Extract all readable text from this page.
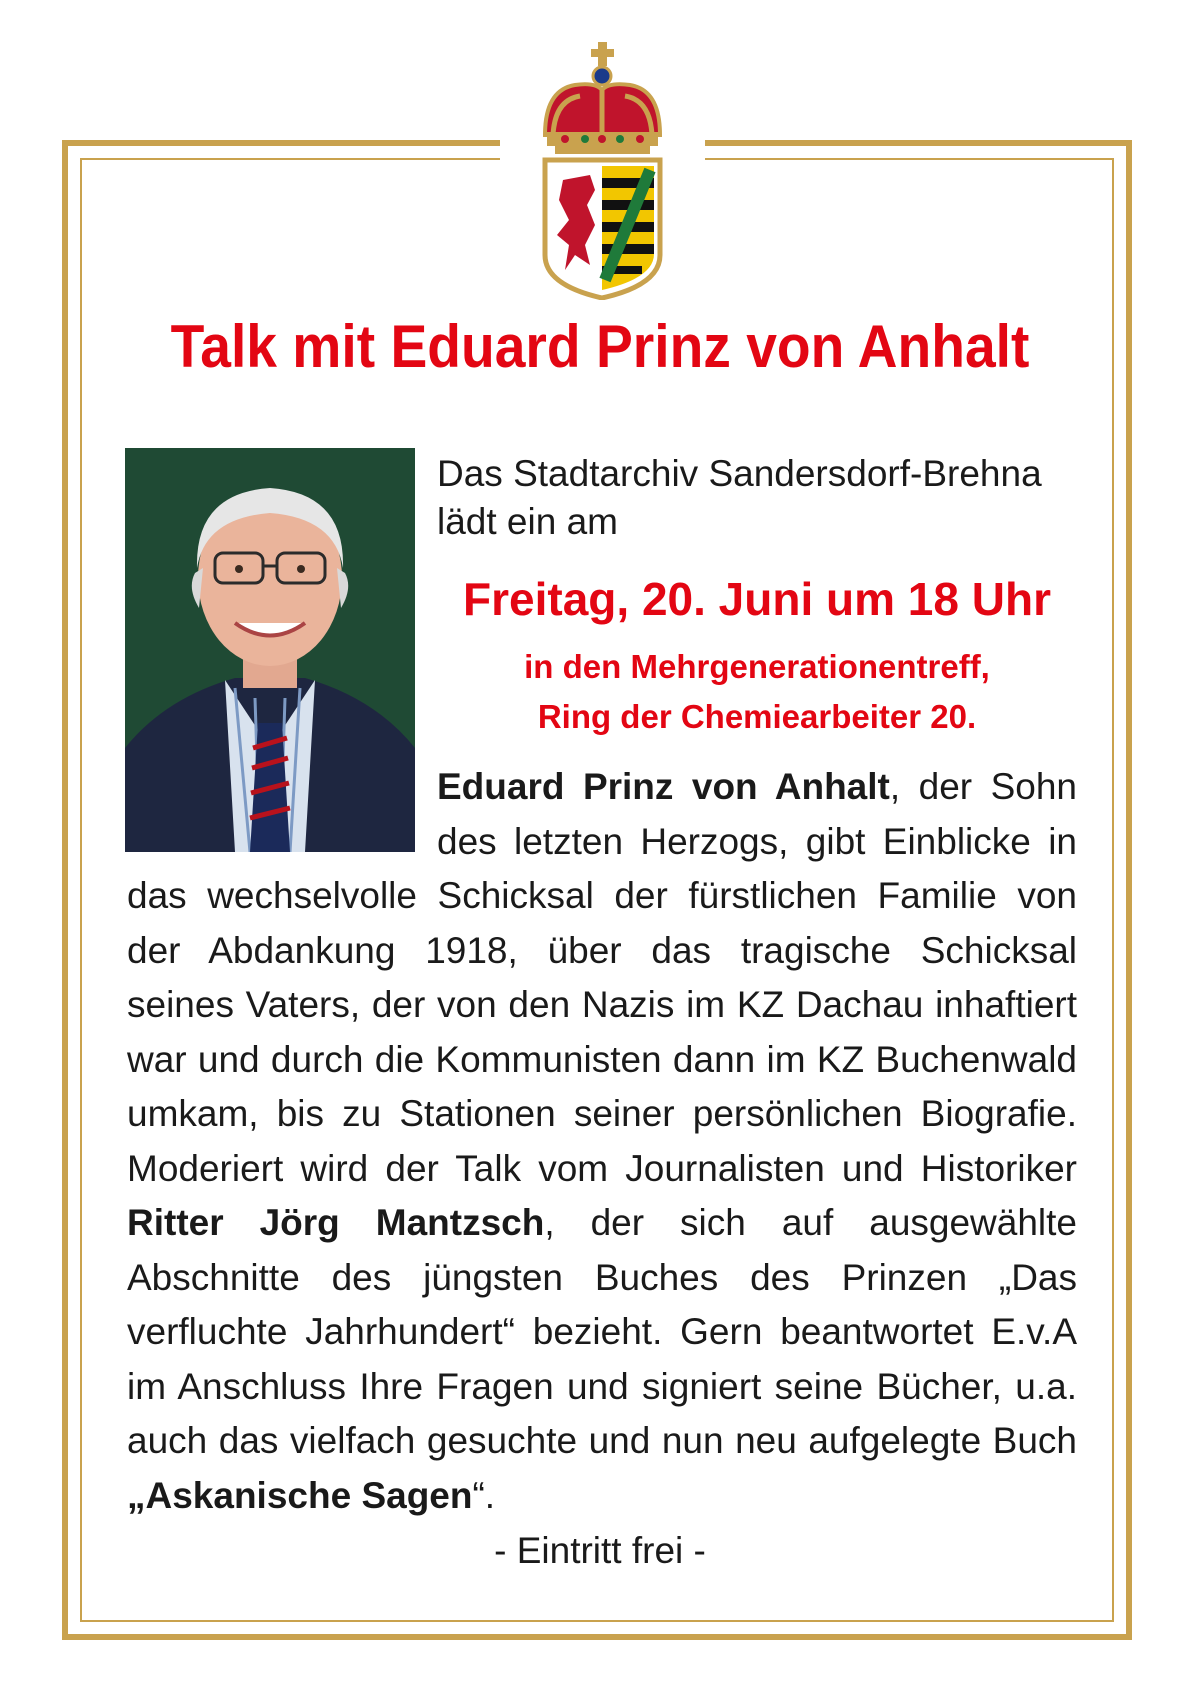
Talk mit Eduard Prinz von Anhalt
Das Stadtarchiv Sandersdorf-Brehna lädt ein am
Freitag, 20. Juni um 18 Uhr
in den Mehrgenerationentreff,
Ring der Chemiearbeiter 20.
Eduard Prinz von Anhalt, der Sohn des letzten Herzogs, gibt Einblicke in das wechselvolle Schicksal der fürstlichen Familie von der Abdankung 1918, über das tragische Schicksal seines Vaters, der von den Nazis im KZ Dachau inhaftiert war und durch die Kommunisten dann im KZ Buchenwald umkam, bis zu Stationen seiner persönlichen Biografie. Moderiert wird der Talk vom Journalisten und Historiker Ritter Jörg Mantzsch, der sich auf ausgewählte Abschnitte des jüngsten Buches des Prinzen „Das verfluchte Jahrhundert“ bezieht. Gern beantwortet E.v.A im Anschluss Ihre Fragen und signiert seine Bücher, u.a. auch das vielfach gesuchte und nun neu aufgelegte Buch „Askanische Sagen“.
- Eintritt frei -
